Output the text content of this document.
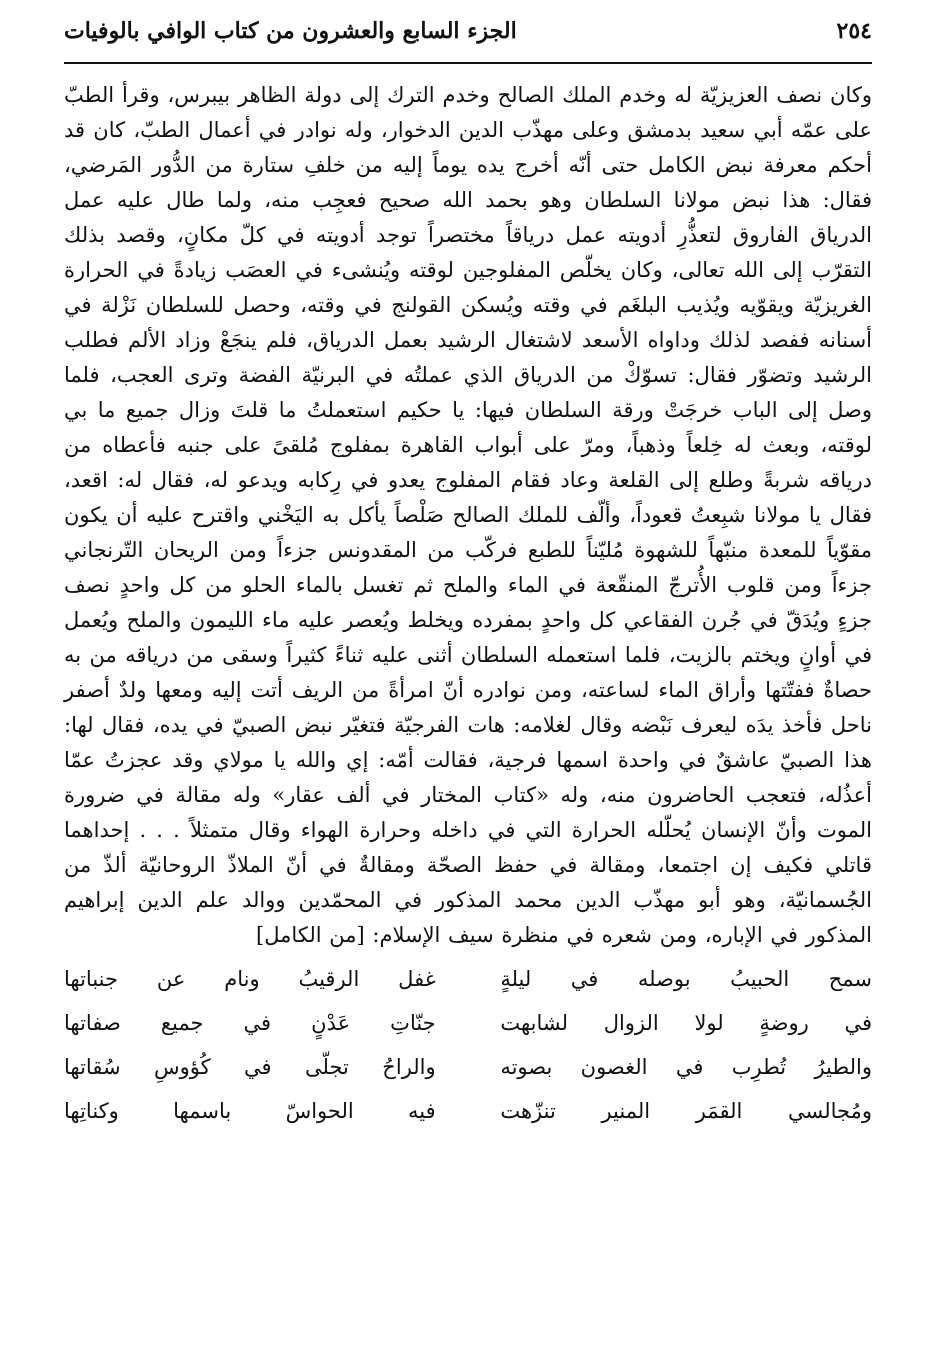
٢٥٤
الجزء السابع والعشرون من كتاب الوافي بالوفيات
وكان نصف العزيزيّة له وخدم الملك الصالح وخدم الترك إلى دولة الظاهر بيبرس، وقرأ الطبّ على عمّه أبي سعيد بدمشق وعلى مهذّب الدين الدخوار، وله نوادر في أعمال الطبّ، كان قد أحكم معرفة نبض الكامل حتى أنّه أخرج يده يوماً إليه من خلفِ ستارة من الدُّور المَرضي، فقال: هذا نبض مولانا السلطان وهو بحمد الله صحيح فعجِب منه، ولما طال عليه عمل الدرياق الفاروق لتعذُّرِ أدويته عمل درياقاً مختصراً توجد أدويته في كلّ مكانٍ، وقصد بذلك التقرّب إلى الله تعالى، وكان يخلّص المفلوجين لوقته ويُنشىء في العصَب زيادةً في الحرارة الغريزيّة ويقوّيه ويُذيب البلغَم في وقته ويُسكن القولنج في وقته، وحصل للسلطان نَزْلة في أسنانه ففصد لذلك وداواه الأسعد لاشتغال الرشيد بعمل الدرياق، فلم ينجَعْ وزاد الألم فطلب الرشيد وتضوّر فقال: تسوّكْ من الدرياق الذي عملتُه في البرنيّة الفضة وترى العجب، فلما وصل إلى الباب خرجَتْ ورقة السلطان فيها: يا حكيم استعملتُ ما قلتَ وزال جميع ما بي لوقته، وبعث له خِلعاً وذهباً، ومرّ على أبواب القاهرة بمفلوج مُلقىً على جنبه فأعطاه من درياقه شربةً وطلع إلى القلعة وعاد فقام المفلوج يعدو في رِكابه ويدعو له، فقال له: اقعد، فقال يا مولانا شبِعتُ قعوداً، وألّف للملك الصالح صَلْصاً يأكل به اليَخْني واقترح عليه أن يكون مقوّياً للمعدة منبّهاً للشهوة مُليّناً للطبع فركّب من المقدونس جزءاً ومن الريحان التّرنجاني جزءاً ومن قلوب الأُترجّ المنقّعة في الماء والملح ثم تغسل بالماء الحلو من كل واحدٍ نصف جزءٍ ويُدَقّ في جُرن الفقاعي كل واحدٍ بمفرده ويخلط ويُعصر عليه ماء الليمون والملح ويُعمل في أوانٍ ويختم بالزيت، فلما استعمله السلطان أثنى عليه ثناءً كثيراً وسقى من درياقه من به حصاةٌ ففتّتها وأراق الماء لساعته، ومن نوادره أنّ امرأةً من الريف أتت إليه ومعها ولدٌ أصفر ناحل فأخذ يدَه ليعرف نَبْضه وقال لغلامه: هات الفرجيّة فتغيّر نبض الصبيّ في يده، فقال لها: هذا الصبيّ عاشقٌ في واحدة اسمها فرجية، فقالت أمّه: إي والله يا مولاي وقد عجزتُ عمّا أعذُله، فتعجب الحاضرون منه، وله «كتاب المختار في ألف عقار» وله مقالة في ضرورة الموت وأنّ الإنسان يُحلّله الحرارة التي في داخله وحرارة الهواء وقال متمثلاً . . . إحداهما قاتلي فكيف إن اجتمعا، ومقالة في حفظ الصحّة ومقالةٌ في أنّ الملاذّ الروحانيّة ألذّ من الجُسمانيّة، وهو أبو مهذّب الدين محمد المذكور في المحمّدين ووالد علم الدين إبراهيم المذكور في الإباره، ومن شعره في منظرة سيف الإسلام: [من الكامل]
سمح الحبيبُ بوصله في ليلةٍ
غفل الرقيبُ ونام عن جنباتها
في روضةٍ لولا الزوال لشابهت
جنّاتِ عَدْنٍ في جميع صفاتها
والطيرُ تُطرِب في الغصون بصوته
والراحُ تجلّى في كُؤوسِ سُقاتها
ومُجالسي القمَر المنير تنزّهت
فيه الحواسّ باسمها وكناتِها
